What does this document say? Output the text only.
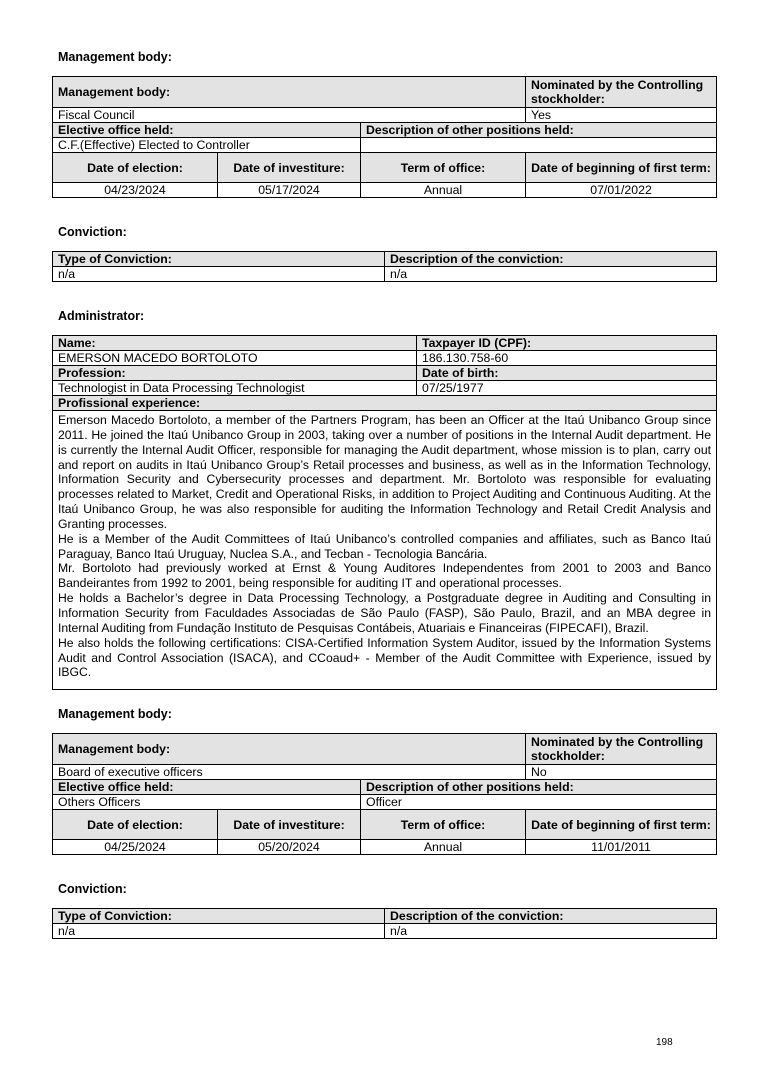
Management body:
Management body:			Nominated by the Controlling stockholder:
Fiscal Council			Yes
Elective office held:		Description of other positions held:	
C.F.(Effective) Elected to Controller			
Date of election:	Date of investiture:	Term of office:	Date of beginning of first term:
04/23/2024	05/17/2024	Annual	07/01/2022
Conviction:
Type of Conviction:	Description of the conviction:
n/a	n/a
Administrator:
Name:	Taxpayer ID (CPF):
EMERSON MACEDO BORTOLOTO	186.130.758-60
Profession:	Date of birth:
Technologist in Data Processing Technologist	07/25/1977
Profissional experience:	

Emerson Macedo Bortoloto, a member of the Partners Program, has been an Officer at the Itaú Unibanco Group since 2011. He joined the Itaú Unibanco Group in 2003, taking over a number of positions in the Internal Audit department. He is currently the Internal Audit Officer, responsible for managing the Audit department, whose mission is to plan, carry out and report on audits in Itaú Unibanco Group’s Retail processes and business, as well as in the Information Technology, Information Security and Cybersecurity processes and department. Mr. Bortoloto was responsible for evaluating processes related to Market, Credit and Operational Risks, in addition to Project Auditing and Continuous Auditing. At the Itaú Unibanco Group, he was also responsible for auditing the Information Technology and Retail Credit Analysis and Granting processes.

He is a Member of the Audit Committees of Itaú Unibanco’s controlled companies and affiliates, such as Banco Itaú Paraguay, Banco Itaú Uruguay, Nuclea S.A., and Tecban - Tecnologia Bancária.

Mr. Bortoloto had previously worked at Ernst & Young Auditores Independentes from 2001 to 2003 and Banco Bandeirantes from 1992 to 2001, being responsible for auditing IT and operational processes.

He holds a Bachelor’s degree in Data Processing Technology, a Postgraduate degree in Auditing and Consulting in Information Security from Faculdades Associadas de São Paulo (FASP), São Paulo, Brazil, and an MBA degree in Internal Auditing from Fundação Instituto de Pesquisas Contábeis, Atuariais e Financeiras (FIPECAFI), Brazil.

He also holds the following certifications: CISA-Certified Information System Auditor, issued by the Information Systems Audit and Control Association (ISACA), and CCoaud+ - Member of the Audit Committee with Experience, issued by IBGC.	

Management body:
Management body:			Nominated by the Controlling stockholder:
Board of executive officers			No
Elective office held:		Description of other positions held:	
Others Officers		Officer	
Date of election:	Date of investiture:	Term of office:	Date of beginning of first term:
04/25/2024	05/20/2024	Annual	11/01/2011
Conviction:
Type of Conviction:	Description of the conviction:
n/a	n/a
198
